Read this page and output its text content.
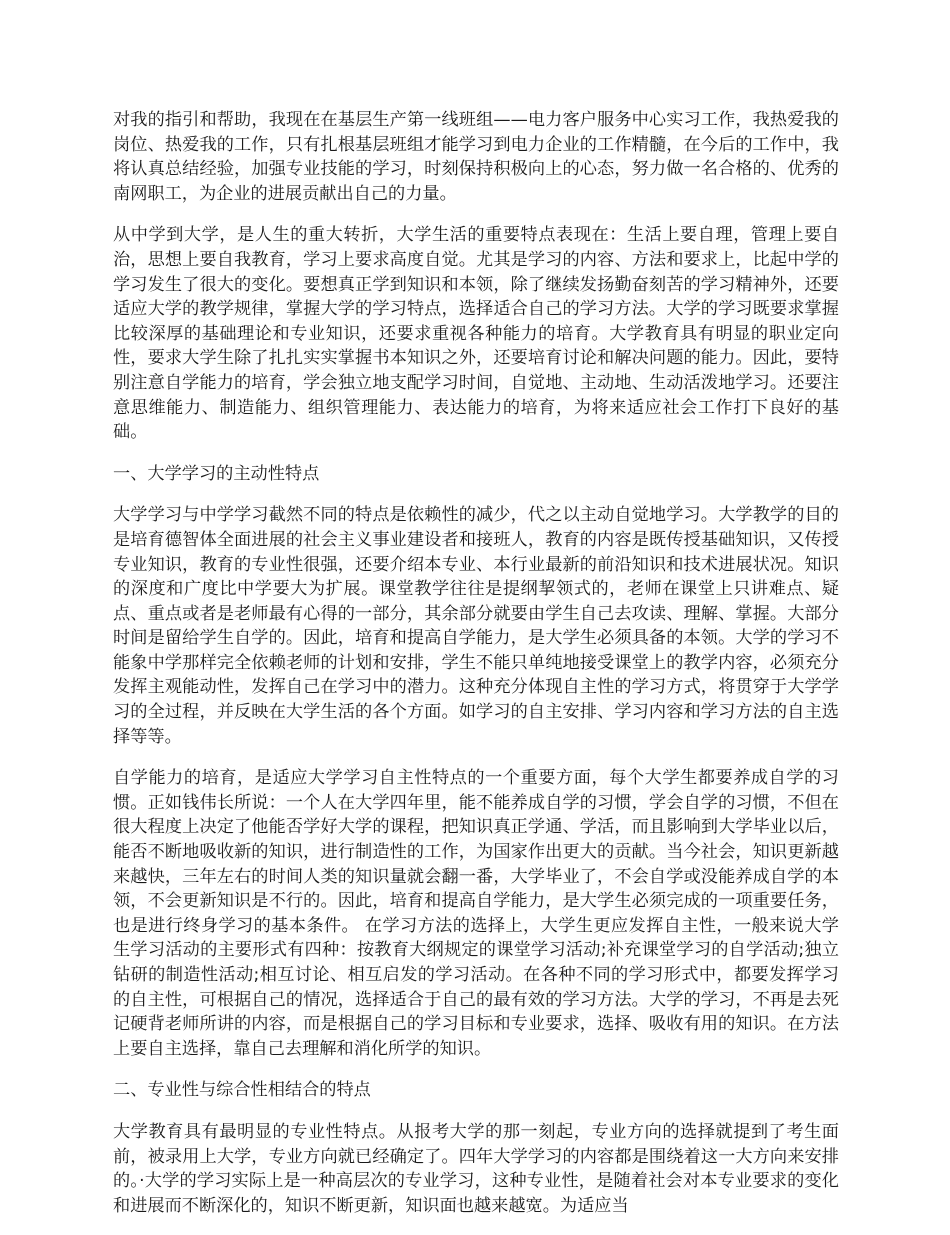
对我的指引和帮助，我现在在基层生产第一线班组——电力客户服务中心实习工作，我热爱我的岗位、热爱我的工作，只有扎根基层班组才能学习到电力企业的工作精髓，在今后的工作中，我将认真总结经验，加强专业技能的学习，时刻保持积极向上的心态，努力做一名合格的、优秀的南网职工，为企业的进展贡献出自己的力量。

从中学到大学，是人生的重大转折，大学生活的重要特点表现在：生活上要自理，管理上要自治，思想上要自我教育，学习上要求高度自觉。尤其是学习的内容、方法和要求上，比起中学的学习发生了很大的变化。要想真正学到知识和本领，除了继续发扬勤奋刻苦的学习精神外，还要适应大学的教学规律，掌握大学的学习特点，选择适合自己的学习方法。大学的学习既要求掌握比较深厚的基础理论和专业知识，还要求重视各种能力的培育。大学教育具有明显的职业定向性，要求大学生除了扎扎实实掌握书本知识之外，还要培育讨论和解决问题的能力。因此，要特别注意自学能力的培育，学会独立地支配学习时间，自觉地、主动地、生动活泼地学习。还要注意思维能力、制造能力、组织管理能力、表达能力的培育，为将来适应社会工作打下良好的基础。

一、大学学习的主动性特点

大学学习与中学学习截然不同的特点是依赖性的减少，代之以主动自觉地学习。大学教学的目的是培育德智体全面进展的社会主义事业建设者和接班人，教育的内容是既传授基础知识，又传授专业知识，教育的专业性很强，还要介绍本专业、本行业最新的前沿知识和技术进展状况。知识的深度和广度比中学要大为扩展。课堂教学往往是提纲挈领式的，老师在课堂上只讲难点、疑点、重点或者是老师最有心得的一部分，其余部分就要由学生自己去攻读、理解、掌握。大部分时间是留给学生自学的。因此，培育和提高自学能力，是大学生必须具备的本领。大学的学习不能象中学那样完全依赖老师的计划和安排，学生不能只单纯地接受课堂上的教学内容，必须充分发挥主观能动性，发挥自己在学习中的潜力。这种充分体现自主性的学习方式，将贯穿于大学学习的全过程，并反映在大学生活的各个方面。如学习的自主安排、学习内容和学习方法的自主选择等等。

自学能力的培育，是适应大学学习自主性特点的一个重要方面，每个大学生都要养成自学的习惯。正如钱伟长所说：一个人在大学四年里，能不能养成自学的习惯，学会自学的习惯，不但在很大程度上决定了他能否学好大学的课程，把知识真正学通、学活，而且影响到大学毕业以后，能否不断地吸收新的知识，进行制造性的工作，为国家作出更大的贡献。当今社会，知识更新越来越快，三年左右的时间人类的知识量就会翻一番，大学毕业了，不会自学或没能养成自学的本领，不会更新知识是不行的。因此，培育和提高自学能力，是大学生必须完成的一项重要任务，也是进行终身学习的基本条件。 在学习方法的选择上，大学生更应发挥自主性，一般来说大学生学习活动的主要形式有四种：按教育大纲规定的课堂学习活动;补充课堂学习的自学活动;独立钻研的制造性活动;相互讨论、相互启发的学习活动。在各种不同的学习形式中，都要发挥学习的自主性，可根据自己的情况，选择适合于自己的最有效的学习方法。大学的学习，不再是去死记硬背老师所讲的内容，而是根据自己的学习目标和专业要求，选择、吸收有用的知识。在方法上要自主选择，靠自己去理解和消化所学的知识。

二、专业性与综合性相结合的特点

大学教育具有最明显的专业性特点。从报考大学的那一刻起，专业方向的选择就提到了考生面前，被录用上大学，专业方向就已经确定了。四年大学学习的内容都是围绕着这一大方向来安排的。·大学的学习实际上是一种高层次的专业学习，这种专业性，是随着社会对本专业要求的变化和进展而不断深化的，知识不断更新，知识面也越来越宽。为适应当
